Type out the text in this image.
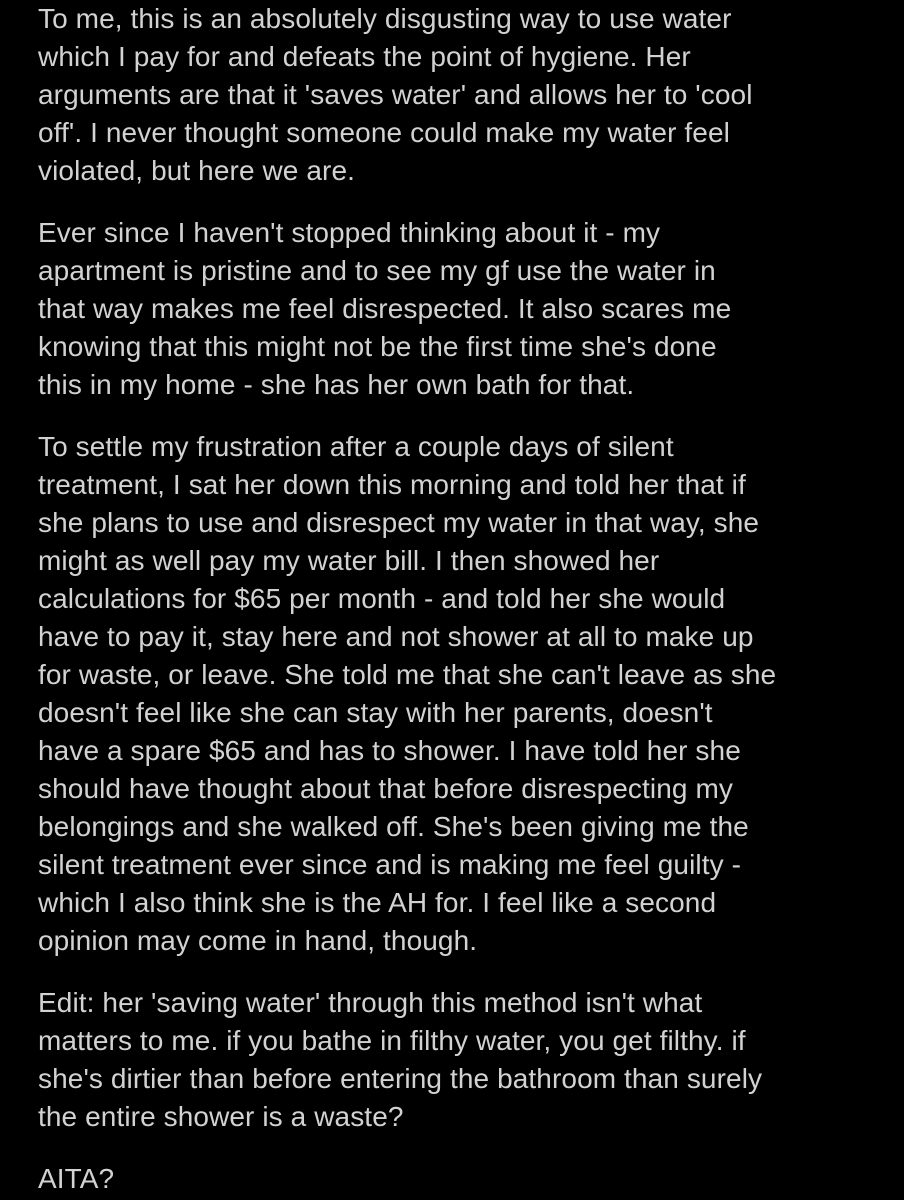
To me, this is an absolutely disgusting way to use water
which I pay for and defeats the point of hygiene. Her
arguments are that it 'saves water' and allows her to 'cool
off'. I never thought someone could make my water feel
violated, but here we are.

Ever since I haven't stopped thinking about it - my
apartment is pristine and to see my gf use the water in
that way makes me feel disrespected. It also scares me
knowing that this might not be the first time she's done
this in my home - she has her own bath for that.

To settle my frustration after a couple days of silent
treatment, I sat her down this morning and told her that if
she plans to use and disrespect my water in that way, she
might as well pay my water bill. I then showed her
calculations for $65 per month - and told her she would
have to pay it, stay here and not shower at all to make up
for waste, or leave. She told me that she can't leave as she
doesn't feel like she can stay with her parents, doesn't
have a spare $65 and has to shower. I have told her she
should have thought about that before disrespecting my
belongings and she walked off. She's been giving me the
silent treatment ever since and is making me feel guilty -
which I also think she is the AH for. I feel like a second
opinion may come in hand, though.

Edit: her 'saving water' through this method isn't what
matters to me. if you bathe in filthy water, you get filthy. if
she's dirtier than before entering the bathroom than surely
the entire shower is a waste?

AITA?
